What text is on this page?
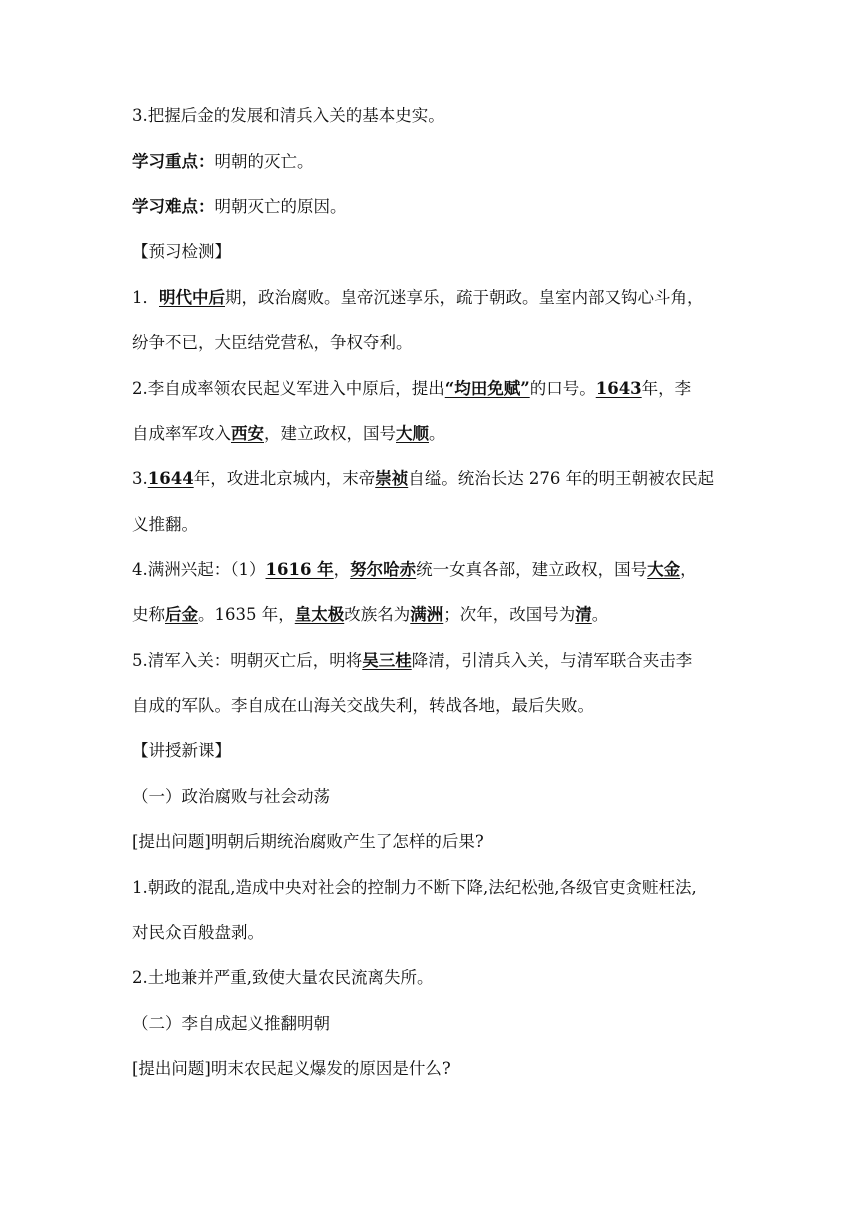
3.把握后金的发展和清兵入关的基本史实。
学习重点：明朝的灭亡。
学习难点：明朝灭亡的原因。
【预习检测】
1．明代中后期，政治腐败。皇帝沉迷享乐，疏于朝政。皇室内部又钩心斗角，
纷争不已，大臣结党营私，争权夺利。
2.李自成率领农民起义军进入中原后，提出“均田免赋”的口号。1643年，李
自成率军攻入西安，建立政权，国号大顺。
3.1644年，攻进北京城内，末帝崇祯自缢。统治长达 276 年的明王朝被农民起
义推翻。
4.满洲兴起：（1）1616 年，努尔哈赤统一女真各部，建立政权，国号大金，
史称后金。1635 年，皇太极改族名为满洲；次年，改国号为清。
5.清军入关：明朝灭亡后，明将吴三桂降清，引清兵入关，与清军联合夹击李
自成的军队。李自成在山海关交战失利，转战各地，最后失败。
【讲授新课】
（一）政治腐败与社会动荡
[提出问题]明朝后期统治腐败产生了怎样的后果?
1.朝政的混乱,造成中央对社会的控制力不断下降,法纪松弛,各级官吏贪赃枉法,
对民众百般盘剥。
2.土地兼并严重,致使大量农民流离失所。
（二）李自成起义推翻明朝
[提出问题]明末农民起义爆发的原因是什么?
